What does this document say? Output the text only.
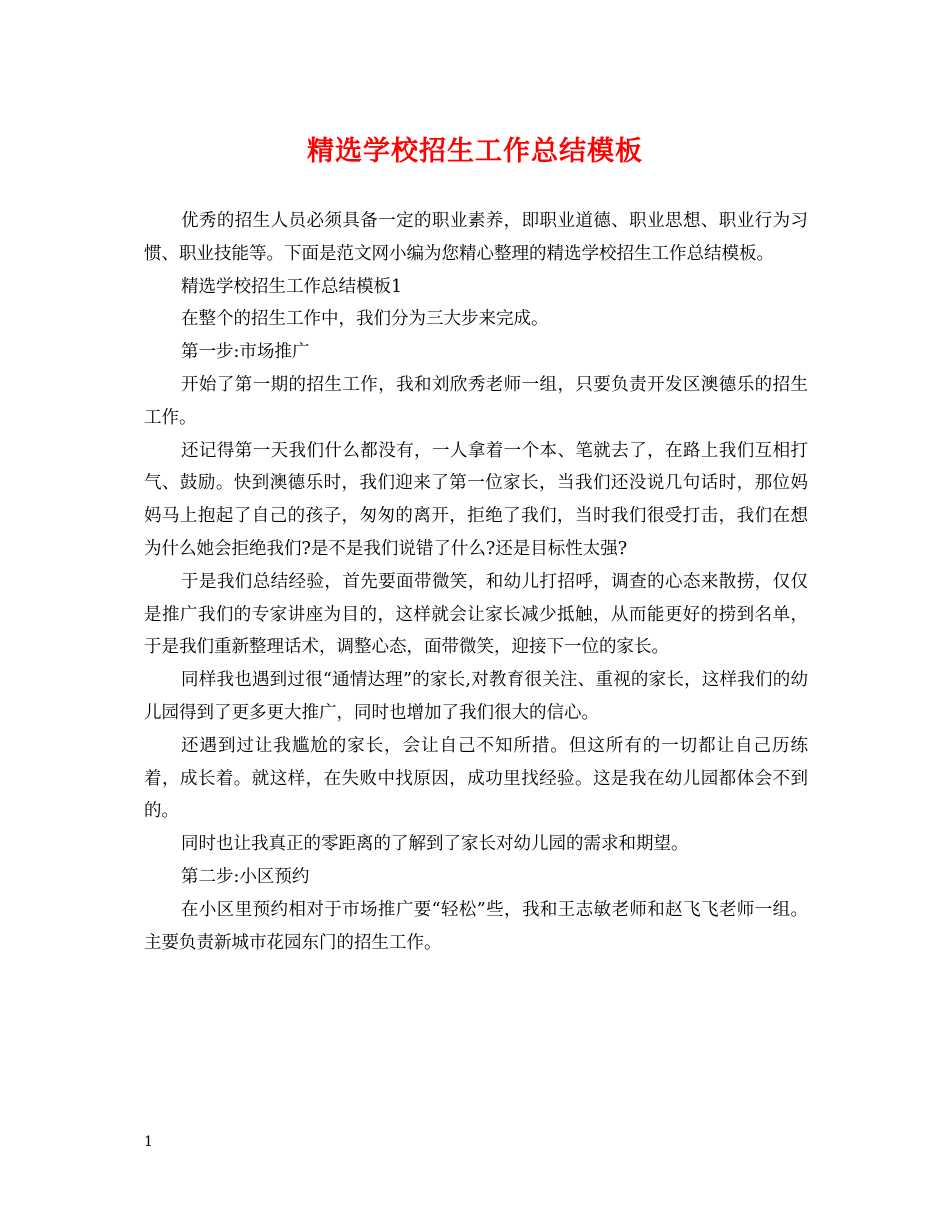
精选学校招生工作总结模板

优秀的招生人员必须具备一定的职业素养，即职业道德、职业思想、职业行为习惯、职业技能等。下面是范文网小编为您精心整理的精选学校招生工作总结模板。

精选学校招生工作总结模板1

在整个的招生工作中，我们分为三大步来完成。

第一步:市场推广

开始了第一期的招生工作，我和刘欣秀老师一组，只要负责开发区澳德乐的招生工作。

还记得第一天我们什么都没有，一人拿着一个本、笔就去了，在路上我们互相打气、鼓励。快到澳德乐时，我们迎来了第一位家长，当我们还没说几句话时，那位妈妈马上抱起了自己的孩子，匆匆的离开，拒绝了我们，当时我们很受打击，我们在想为什么她会拒绝我们?是不是我们说错了什么?还是目标性太强?

于是我们总结经验，首先要面带微笑，和幼儿打招呼，调查的心态来散捞，仅仅是推广我们的专家讲座为目的，这样就会让家长减少抵触，从而能更好的捞到名单，于是我们重新整理话术，调整心态，面带微笑，迎接下一位的家长。

同样我也遇到过很“通情达理”的家长,对教育很关注、重视的家长，这样我们的幼儿园得到了更多更大推广，同时也增加了我们很大的信心。

还遇到过让我尴尬的家长，会让自己不知所措。但这所有的一切都让自己历练着，成长着。就这样，在失败中找原因，成功里找经验。这是我在幼儿园都体会不到的。

同时也让我真正的零距离的了解到了家长对幼儿园的需求和期望。

第二步:小区预约

在小区里预约相对于市场推广要“轻松”些，我和王志敏老师和赵飞飞老师一组。主要负责新城市花园东门的招生工作。

1
